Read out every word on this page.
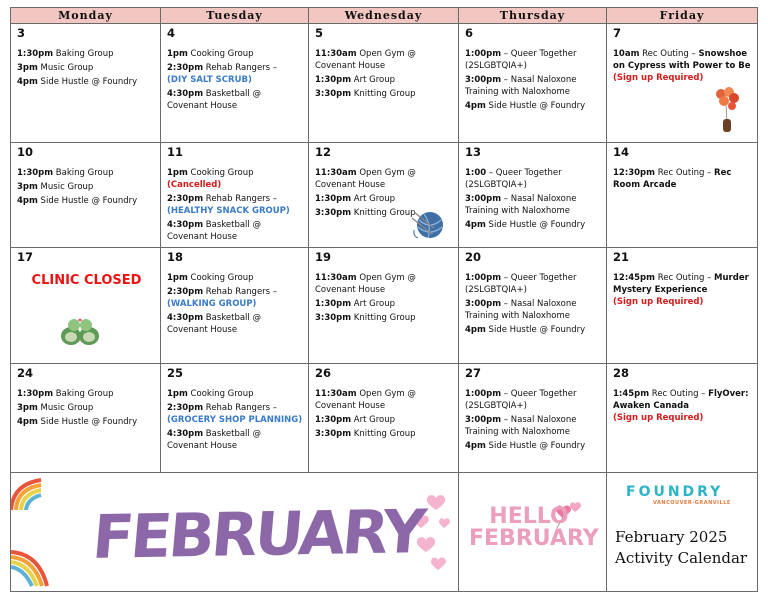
Monday	Tuesday	Wednesday	Thursday	Friday

3
1:30pm Baking Group
3pm Music Group
4pm Side Hustle @ Foundry	4
1pm Cooking Group
2:30pm Rehab Rangers –
(DIY SALT SCRUB)
4:30pm Basketball @ Covenant House	5
11:30am Open Gym @ Covenant House
1:30pm Art Group
3:30pm Knitting Group	6
1:00pm – Queer Together (2SLGBTQIA+)
3:00pm – Nasal Naloxone Training with Naloxhome
4pm Side Hustle @ Foundry	7
10am Rec Outing – Snowshoe on Cypress with Power to Be
(Sign up Required)

10
1:30pm Baking Group
3pm Music Group
4pm Side Hustle @ Foundry	11
1pm Cooking Group (Cancelled)
2:30pm Rehab Rangers –
(HEALTHY SNACK GROUP)
4:30pm Basketball @ Covenant House	12
11:30am Open Gym @ Covenant House
1:30pm Art Group
3:30pm Knitting Group	13
1:00 – Queer Together (2SLGBTQIA+)
3:00pm – Nasal Naloxone Training with Naloxhome
4pm Side Hustle @ Foundry	14
12:30pm Rec Outing – Rec Room Arcade

17
CLINIC CLOSED	18
1pm Cooking Group
2:30pm Rehab Rangers –
(WALKING GROUP)
4:30pm Basketball @ Covenant House	19
11:30am Open Gym @ Covenant House
1:30pm Art Group
3:30pm Knitting Group	20
1:00pm – Queer Together (2SLGBTQIA+)
3:00pm – Nasal Naloxone Training with Naloxhome
4pm Side Hustle @ Foundry	21
12:45pm Rec Outing – Murder Mystery Experience
(Sign up Required)

24
1:30pm Baking Group
3pm Music Group
4pm Side Hustle @ Foundry	25
1pm Cooking Group
2:30pm Rehab Rangers –
(GROCERY SHOP PLANNING)
4:30pm Basketball @ Covenant House	26
11:30am Open Gym @ Covenant House
1:30pm Art Group
3:30pm Knitting Group	27
1:00pm – Queer Together (2SLGBTQIA+)
3:00pm – Nasal Naloxone Training with Naloxhome
4pm Side Hustle @ Foundry	28
1:45pm Rec Outing – FlyOver: Awaken Canada
(Sign up Required)

FEBRUARY	HELLO
FEBRUARY
FOUNDRY
VANCOUVER-GRANVILLE
February 2025
Activity Calendar
